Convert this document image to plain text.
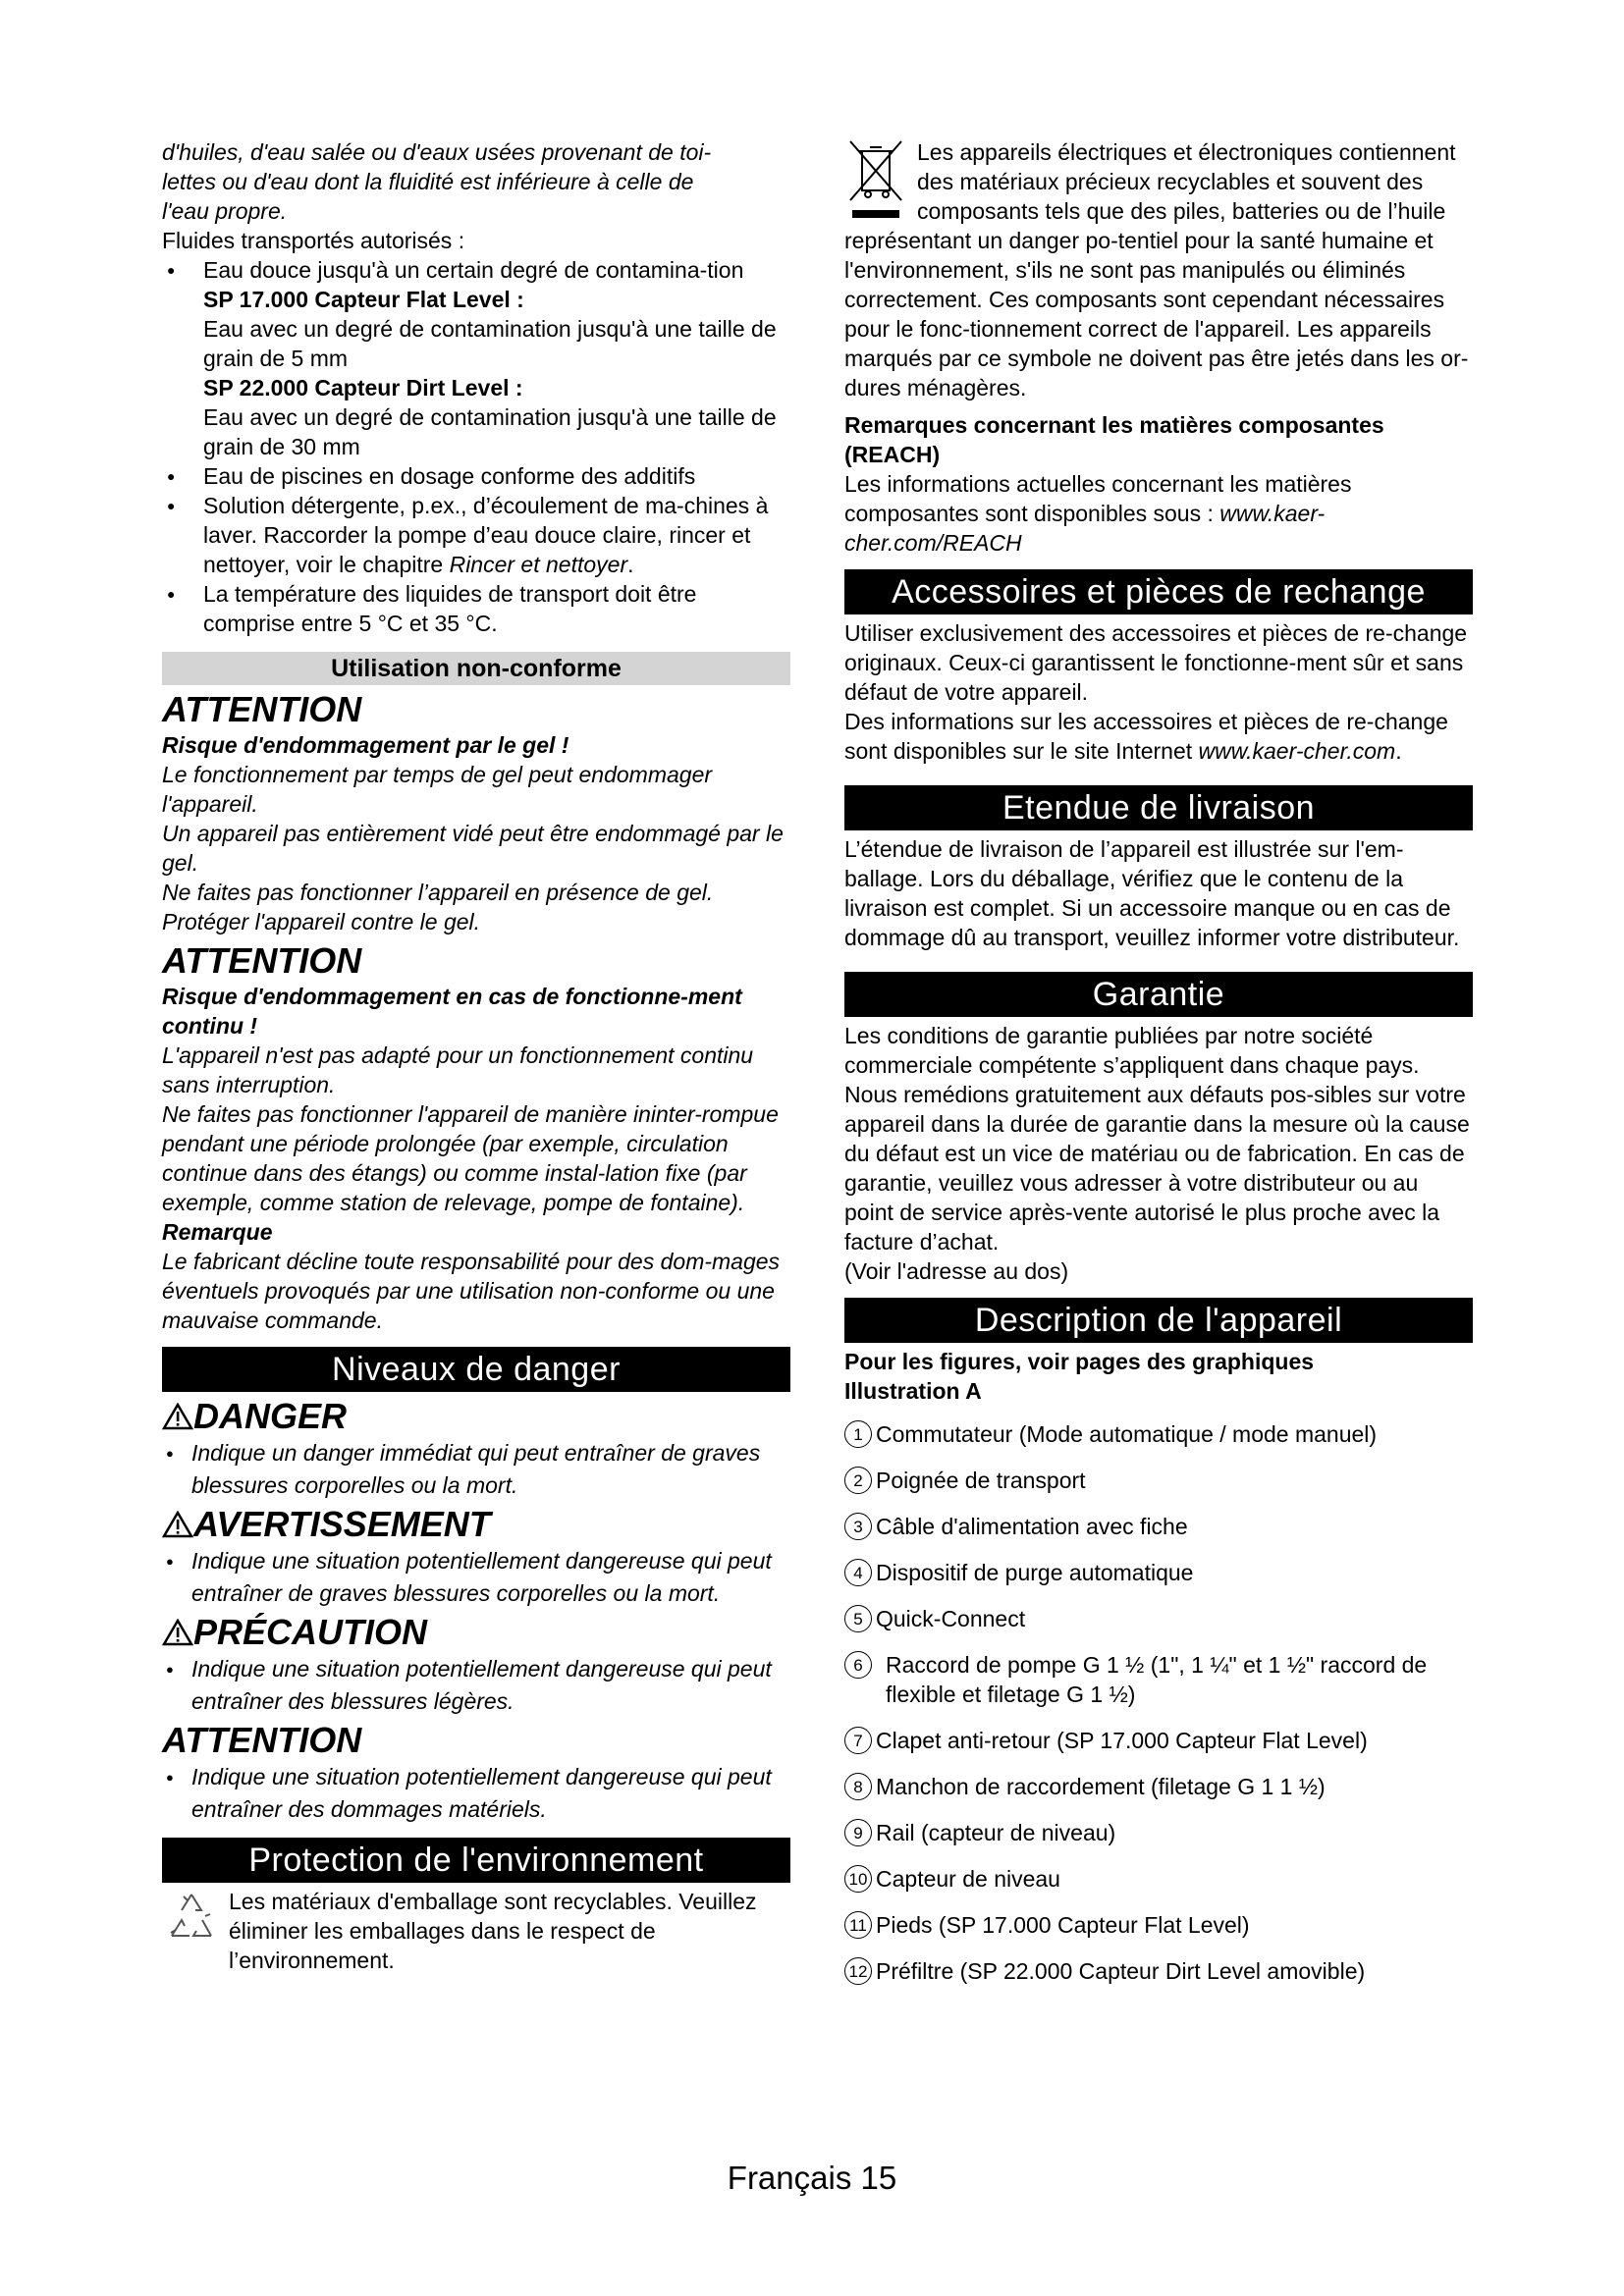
d'huiles, d'eau salée ou d'eaux usées provenant de toi-

lettes ou d'eau dont la fluidité est inférieure à celle de

l'eau propre.

Fluides transportés autorisés :

● Eau douce jusqu'à un certain degré de contamina-tion

SP 17.000 Capteur Flat Level :

Eau avec un degré de contamination jusqu'à une taille de grain de 5 mm

SP 22.000 Capteur Dirt Level :

Eau avec un degré de contamination jusqu'à une taille de grain de 30 mm

● Eau de piscines en dosage conforme des additifs
● Solution détergente, p.ex., d’écoulement de ma-chines à laver. Raccorder la pompe d’eau douce claire, rincer et nettoyer, voir le chapitre Rincer et nettoyer.
● La température des liquides de transport doit être comprise entre 5 °C et 35 °C.
Utilisation non-conforme
ATTENTION

Risque d'endommagement par le gel !

Le fonctionnement par temps de gel peut endommager l'appareil.

Un appareil pas entièrement vidé peut être endommagé par le gel.

Ne faites pas fonctionner l’appareil en présence de gel.

Protéger l'appareil contre le gel.

ATTENTION

Risque d'endommagement en cas de fonctionne-ment continu !

L'appareil n'est pas adapté pour un fonctionnement continu sans interruption.

Ne faites pas fonctionner l'appareil de manière ininter-rompue pendant une période prolongée (par exemple, circulation continue dans des étangs) ou comme instal-lation fixe (par exemple, comme station de relevage, pompe de fontaine).

Remarque

Le fabricant décline toute responsabilité pour des dom-mages éventuels provoqués par une utilisation non-conforme ou une mauvaise commande.

Niveaux de danger
DANGER

● Indique un danger immédiat qui peut entraîner de graves blessures corporelles ou la mort.

AVERTISSEMENT

● Indique une situation potentiellement dangereuse qui peut entraîner de graves blessures corporelles ou la mort.

PRÉCAUTION

● Indique une situation potentiellement dangereuse qui peut entraîner des blessures légères.

ATTENTION

● Indique une situation potentiellement dangereuse qui peut entraîner des dommages matériels.

Protection de l'environnement

Les matériaux d'emballage sont recyclables. Veuillez éliminer les emballages dans le respect de l’environnement.

Les appareils électriques et électroniques contiennent des matériaux précieux recyclables et souvent des composants tels que des piles, batteries ou de l’huile représentant un danger po-tentiel pour la santé humaine et l'environnement, s'ils ne sont pas manipulés ou éliminés correctement. Ces composants sont cependant nécessaires pour le fonc-tionnement correct de l'appareil. Les appareils marqués par ce symbole ne doivent pas être jetés dans les or-dures ménagères.

Remarques concernant les matières composantes (REACH)

Les informations actuelles concernant les matières composantes sont disponibles sous : www.kaer-cher.com/REACH

Accessoires et pièces de rechange

Utiliser exclusivement des accessoires et pièces de re-change originaux. Ceux-ci garantissent le fonctionne-ment sûr et sans défaut de votre appareil.

Des informations sur les accessoires et pièces de re-change sont disponibles sur le site Internet www.kaer-cher.com.

Etendue de livraison

L’étendue de livraison de l’appareil est illustrée sur l'em-ballage. Lors du déballage, vérifiez que le contenu de la livraison est complet. Si un accessoire manque ou en cas de dommage dû au transport, veuillez informer votre distributeur.

Garantie

Les conditions de garantie publiées par notre société commerciale compétente s’appliquent dans chaque pays. Nous remédions gratuitement aux défauts pos-sibles sur votre appareil dans la durée de garantie dans la mesure où la cause du défaut est un vice de matériau ou de fabrication. En cas de garantie, veuillez vous adresser à votre distributeur ou au point de service après-vente autorisé le plus proche avec la facture d’achat.

(Voir l'adresse au dos)

Description de l'appareil

Pour les figures, voir pages des graphiques

Illustration A

1 Commutateur (Mode automatique / mode manuel)
2 Poignée de transport
3 Câble d'alimentation avec fiche
4 Dispositif de purge automatique
5 Quick-Connect
6	Raccord de pompe G 1 ½ (1", 1 ¼" et 1 ½" raccord de flexible et filetage G 1 ½)
7 Clapet anti-retour (SP 17.000 Capteur Flat Level)
8 Manchon de raccordement (filetage G 1 1 ½)
9 Rail (capteur de niveau)
10 Capteur de niveau
11 Pieds (SP 17.000 Capteur Flat Level)
12 Préfiltre (SP 22.000 Capteur Dirt Level amovible)
Français 15
